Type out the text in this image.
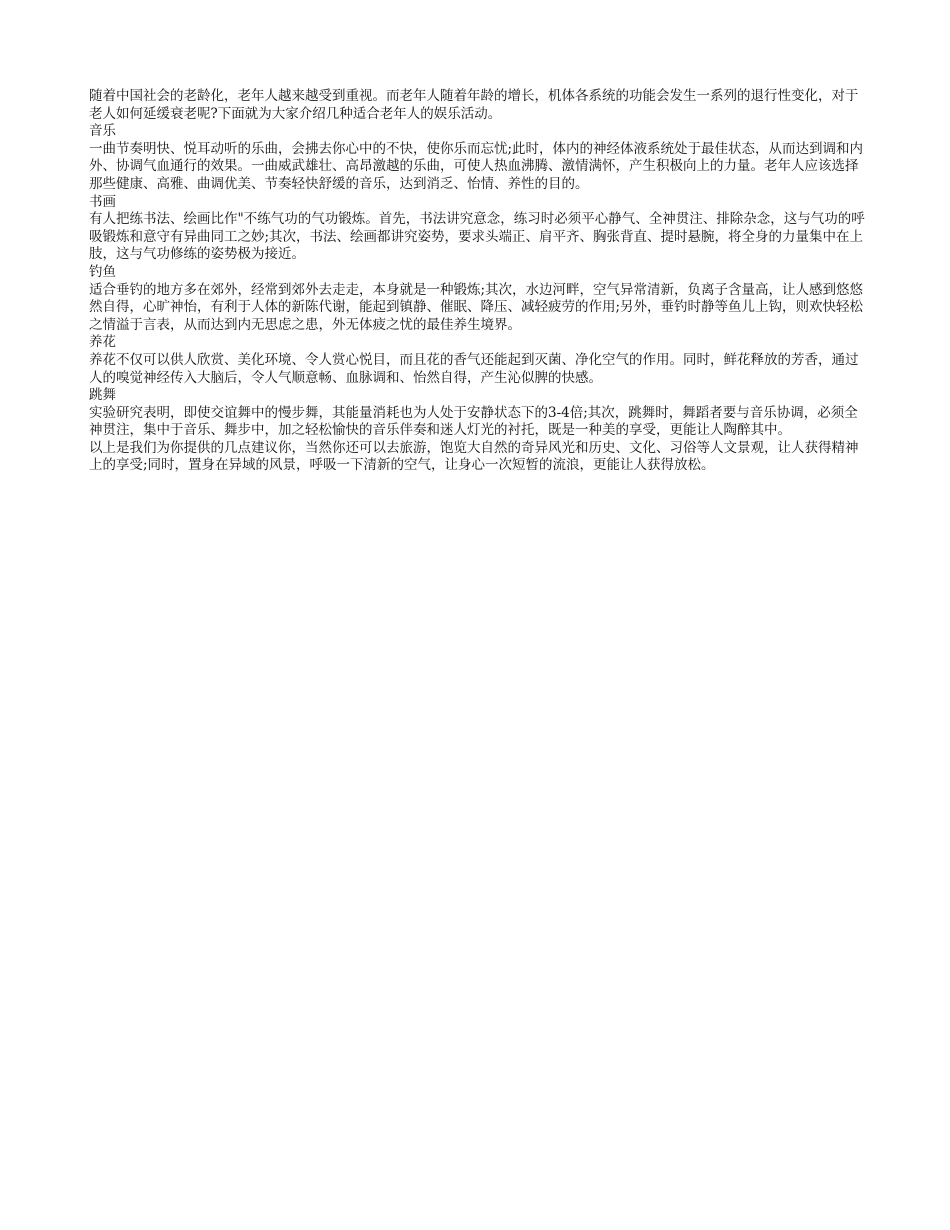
随着中国社会的老龄化，老年人越来越受到重视。而老年人随着年龄的增长，机体各系统的功能会发生一系列的退行性变化，对于老人如何延缓衰老呢?下面就为大家介绍几种适合老年人的娱乐活动。

音乐

一曲节奏明快、悦耳动听的乐曲，会拂去你心中的不快，使你乐而忘忧;此时，体内的神经体液系统处于最佳状态，从而达到调和内外、协调气血通行的效果。一曲威武雄壮、高昂激越的乐曲，可使人热血沸腾、激情满怀，产生积极向上的力量。老年人应该选择那些健康、高雅、曲调优美、节奏轻快舒缓的音乐，达到消乏、怡情、养性的目的。

书画

有人把练书法、绘画比作"不练气功的气功锻炼。首先，书法讲究意念，练习时必须平心静气、全神贯注、排除杂念，这与气功的呼吸锻炼和意守有异曲同工之妙;其次，书法、绘画都讲究姿势，要求头端正、肩平齐、胸张背直、提时悬腕，将全身的力量集中在上肢，这与气功修练的姿势极为接近。

钓鱼

适合垂钓的地方多在郊外，经常到郊外去走走，本身就是一种锻炼;其次，水边河畔，空气异常清新，负离子含量高，让人感到悠悠然自得，心旷神怡，有利于人体的新陈代谢，能起到镇静、催眠、降压、减轻疲劳的作用;另外，垂钓时静等鱼儿上钩，则欢快轻松之情溢于言表，从而达到内无思虑之患，外无体疲之忧的最佳养生境界。

养花

养花不仅可以供人欣赏、美化环境、令人赏心悦目，而且花的香气还能起到灭菌、净化空气的作用。同时，鲜花释放的芳香，通过人的嗅觉神经传入大脑后，令人气顺意畅、血脉调和、怡然自得，产生沁似脾的快感。

跳舞

实验研究表明，即使交谊舞中的慢步舞，其能量消耗也为人处于安静状态下的3-4倍;其次，跳舞时，舞蹈者要与音乐协调，必须全神贯注，集中于音乐、舞步中，加之轻松愉快的音乐伴奏和迷人灯光的衬托，既是一种美的享受，更能让人陶醉其中。

以上是我们为你提供的几点建议你，当然你还可以去旅游，饱览大自然的奇异风光和历史、文化、习俗等人文景观，让人获得精神上的享受;同时，置身在异域的风景，呼吸一下清新的空气，让身心一次短暂的流浪，更能让人获得放松。
